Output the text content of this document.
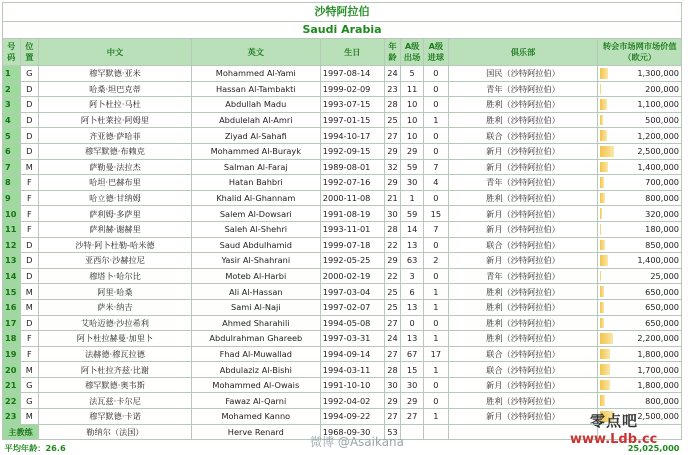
沙特阿拉伯									
Saudi Arabia									
号码	位置	中文	英文	生日	年龄	A级出场	A级进球	俱乐部	转会市场网市场价值（欧元）
1	G	穆罕默德·亚米	Mohammed Al-Yami	1997-08-14	24	5	0	国民（沙特阿拉伯）	1,300,000
2	D	哈桑·坦巴克蒂	Hassan Al-Tambakti	1999-02-09	23	11	0	青年（沙特阿拉伯）	200,000
3	D	阿卜杜拉·马杜	Abdullah Madu	1993-07-15	28	10	0	胜利（沙特阿拉伯）	1,100,000
4	D	阿卜杜莱拉·阿姆里	Abdulelah Al-Amri	1997-01-15	25	10	1	胜利（沙特阿拉伯）	500,000
5	D	齐亚德·萨哈菲	Ziyad Al-Sahafi	1994-10-17	27	10	0	联合（沙特阿拉伯）	1,200,000
6	D	穆罕默德·布赖克	Mohammed Al-Burayk	1992-09-15	29	29	0	新月（沙特阿拉伯）	2,500,000
7	M	萨勒曼·法拉杰	Salman Al-Faraj	1989-08-01	32	59	7	新月（沙特阿拉伯）	1,400,000
8	F	哈坦·巴赫布里	Hatan Bahbri	1992-07-16	29	30	4	青年（沙特阿拉伯）	700,000
9	F	哈立德·甘纳姆	Khalid Al-Ghannam	2000-11-08	21	1	0	胜利（沙特阿拉伯）	800,000
10	F	萨利姆·多萨里	Salem Al-Dowsari	1991-08-19	30	59	15	新月（沙特阿拉伯）	320,000
11	F	萨利赫·谢赫里	Saleh Al-Shehri	1993-11-01	28	14	7	新月（沙特阿拉伯）	180,000
12	D	沙特·阿卜杜勒-哈米德	Saud Abdulhamid	1999-07-18	22	13	0	联合（沙特阿拉伯）	850,000
13	D	亚西尔·沙赫拉尼	Yasir Al-Shahrani	1992-05-25	29	63	2	新月（沙特阿拉伯）	1,400,000
14	D	穆塔卜·哈尔比	Moteb Al-Harbi	2000-02-19	22	3	0	青年（沙特阿拉伯）	25,000
15	M	阿里·哈桑	Ali Al-Hassan	1997-03-04	25	6	1	胜利（沙特阿拉伯）	650,000
16	M	萨米·纳吉	Sami Al-Naji	1997-02-07	25	13	1	胜利（沙特阿拉伯）	650,000
17	D	艾哈迈德·沙拉希利	Ahmed Sharahili	1994-05-08	27	0	0	胜利（沙特阿拉伯）	650,000
18	F	阿卜杜拉赫曼·加里卜	Abdulrahman Ghareeb	1997-03-31	24	13	1	胜利（沙特阿拉伯）	2,200,000
19	F	法赫德·穆瓦拉德	Fhad Al-Muwallad	1994-09-14	27	67	17	联合（沙特阿拉伯）	1,800,000
20	M	阿卜杜拉齐兹·比谢	Abdulaziz Al-Bishi	1994-03-11	28	15	1	联合（沙特阿拉伯）	1,700,000
21	G	穆罕默德·奥韦斯	Mohammed Al-Owais	1991-10-10	30	30	0	新月（沙特阿拉伯）	1,800,000
22	G	法瓦兹·卡尔尼	Fawaz Al-Qarni	1992-04-02	29	29	0	胜利（沙特阿拉伯）	800,000
23	M	穆罕默德·卡诺	Mohamed Kanno	1994-09-22	27	27	1	新月（沙特阿拉伯）	2,500,000
主教练		勒纳尔（法国）	Herve Renard	1968-09-30	53				
平均年龄：26.6									25,025,000
微博 @Asaikana
零点吧
www.Ldb.cc
